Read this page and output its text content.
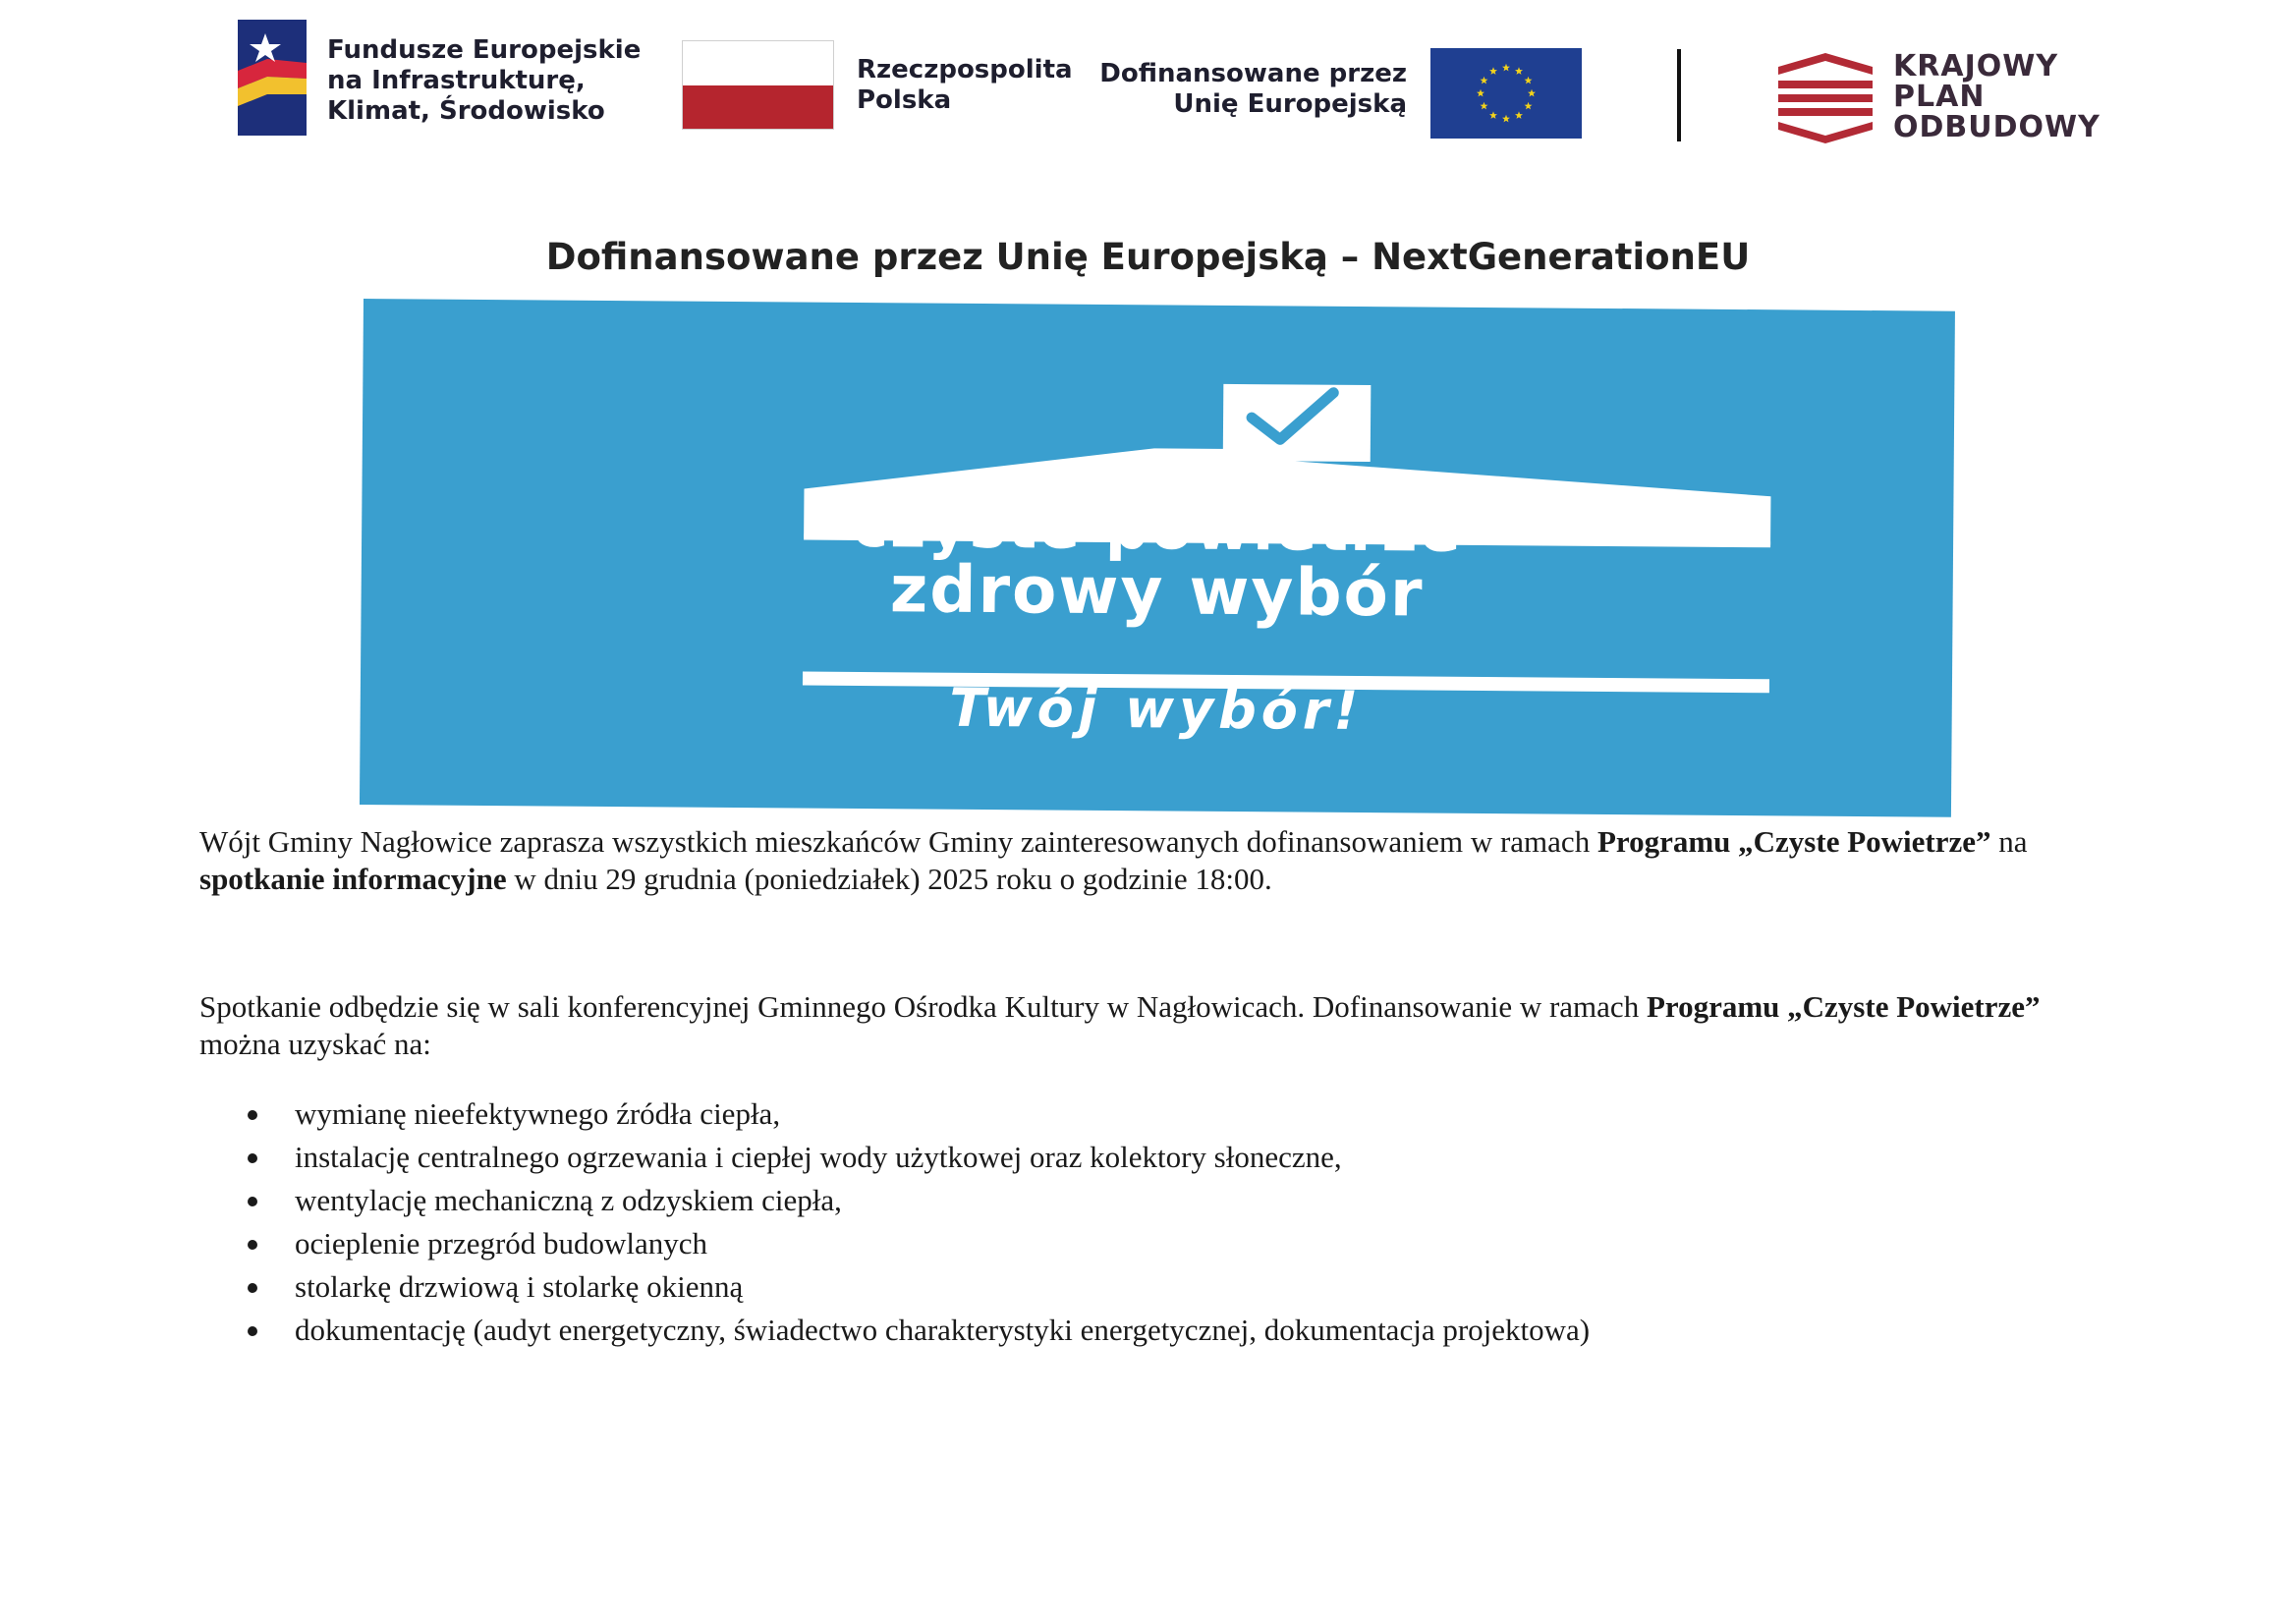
Fundusze Europejskie
na Infrastrukturę,
Klimat, Środowisko
Rzeczpospolita
Polska
Dofinansowane przez
Unię Europejską
KRAJOWY
PLAN
ODBUDOWY
Dofinansowane przez Unię Europejską – NextGenerationEU
czyste powietrze
zdrowy wybór
Twój wybór!
Wójt Gminy Nagłowice zaprasza wszystkich mieszkańców Gminy zainteresowanych dofinansowaniem w ramach Programu „Czyste Powietrze” na spotkanie informacyjne w dniu 29 grudnia (poniedziałek) 2025 roku o godzinie 18:00.
Spotkanie odbędzie się w sali konferencyjnej Gminnego Ośrodka Kultury w Nagłowicach. Dofinansowanie w ramach Programu „Czyste Powietrze” można uzyskać na:
wymianę nieefektywnego źródła ciepła,
instalację centralnego ogrzewania i ciepłej wody użytkowej oraz kolektory słoneczne,
wentylację mechaniczną z odzyskiem ciepła,
ocieplenie przegród budowlanych
stolarkę drzwiową i stolarkę okienną
dokumentację (audyt energetyczny, świadectwo charakterystyki energetycznej, dokumentacja projektowa)
